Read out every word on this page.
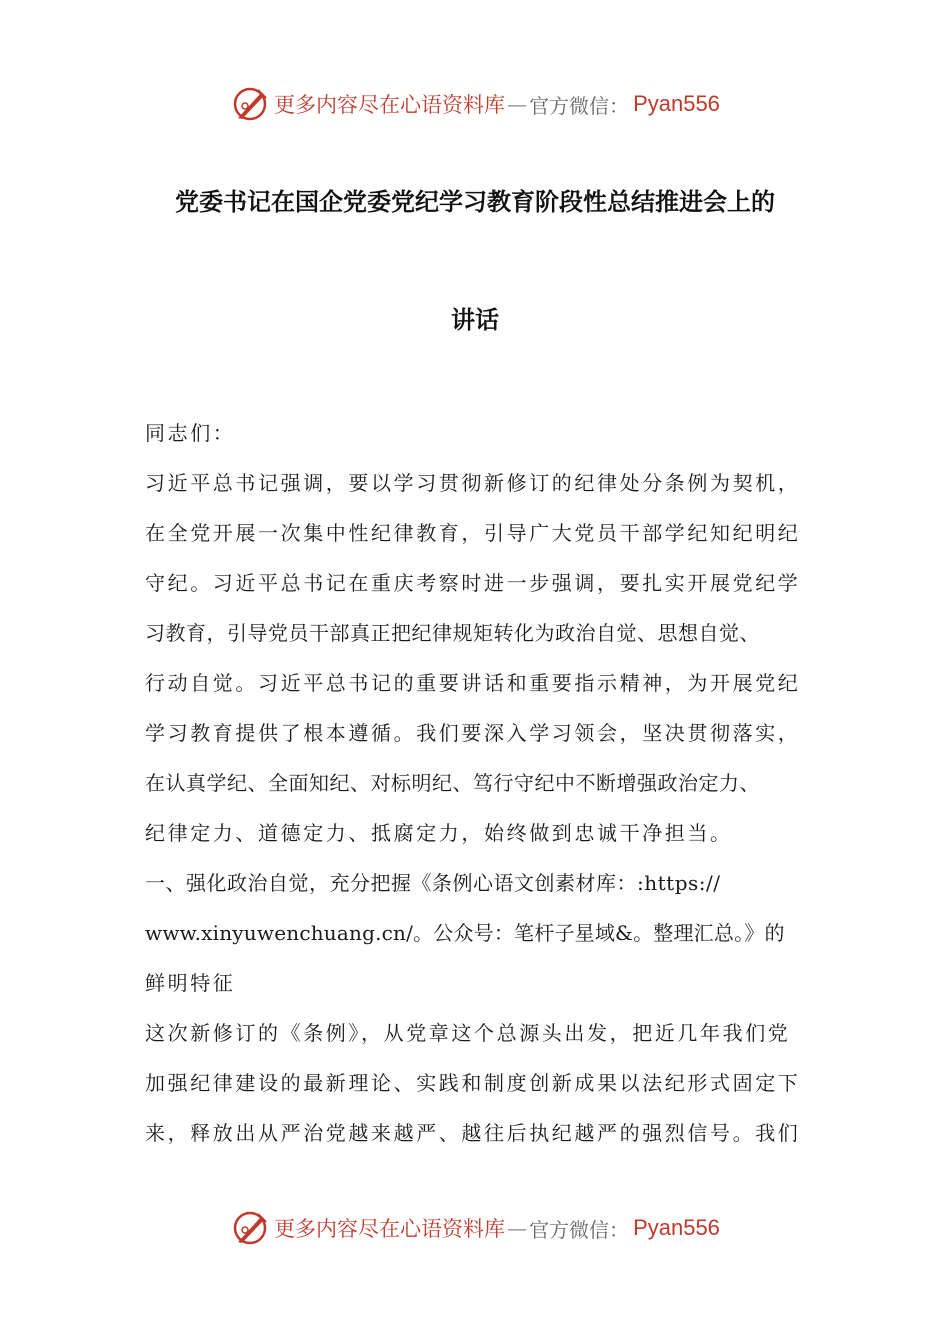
更多内容尽在心语资料库 — 官方微信： Pyan556
党委书记在国企党委党纪学习教育阶段性总结推进会上的
讲话
同志们：
习近平总书记强调，要以学习贯彻新修订的纪律处分条例为契机，
在全党开展一次集中性纪律教育，引导广大党员干部学纪知纪明纪
守纪。习近平总书记在重庆考察时进一步强调，要扎实开展党纪学
习教育，引导党员干部真正把纪律规矩转化为政治自觉、思想自觉、
行动自觉。习近平总书记的重要讲话和重要指示精神，为开展党纪
学习教育提供了根本遵循。我们要深入学习领会，坚决贯彻落实，
在认真学纪、全面知纪、对标明纪、笃行守纪中不断增强政治定力、
纪律定力、道德定力、抵腐定力，始终做到忠诚干净担当。
一、强化政治自觉，充分把握《条例心语文创素材库：:https://
www.xinyuwenchuang.cn/。公众号：笔杆子星域&。整理汇总。》的
鲜明特征
这次新修订的《条例》，从党章这个总源头出发，把近几年我们党
加强纪律建设的最新理论、实践和制度创新成果以法纪形式固定下
来，释放出从严治党越来越严、越往后执纪越严的强烈信号。我们
更多内容尽在心语资料库 — 官方微信： Pyan556
